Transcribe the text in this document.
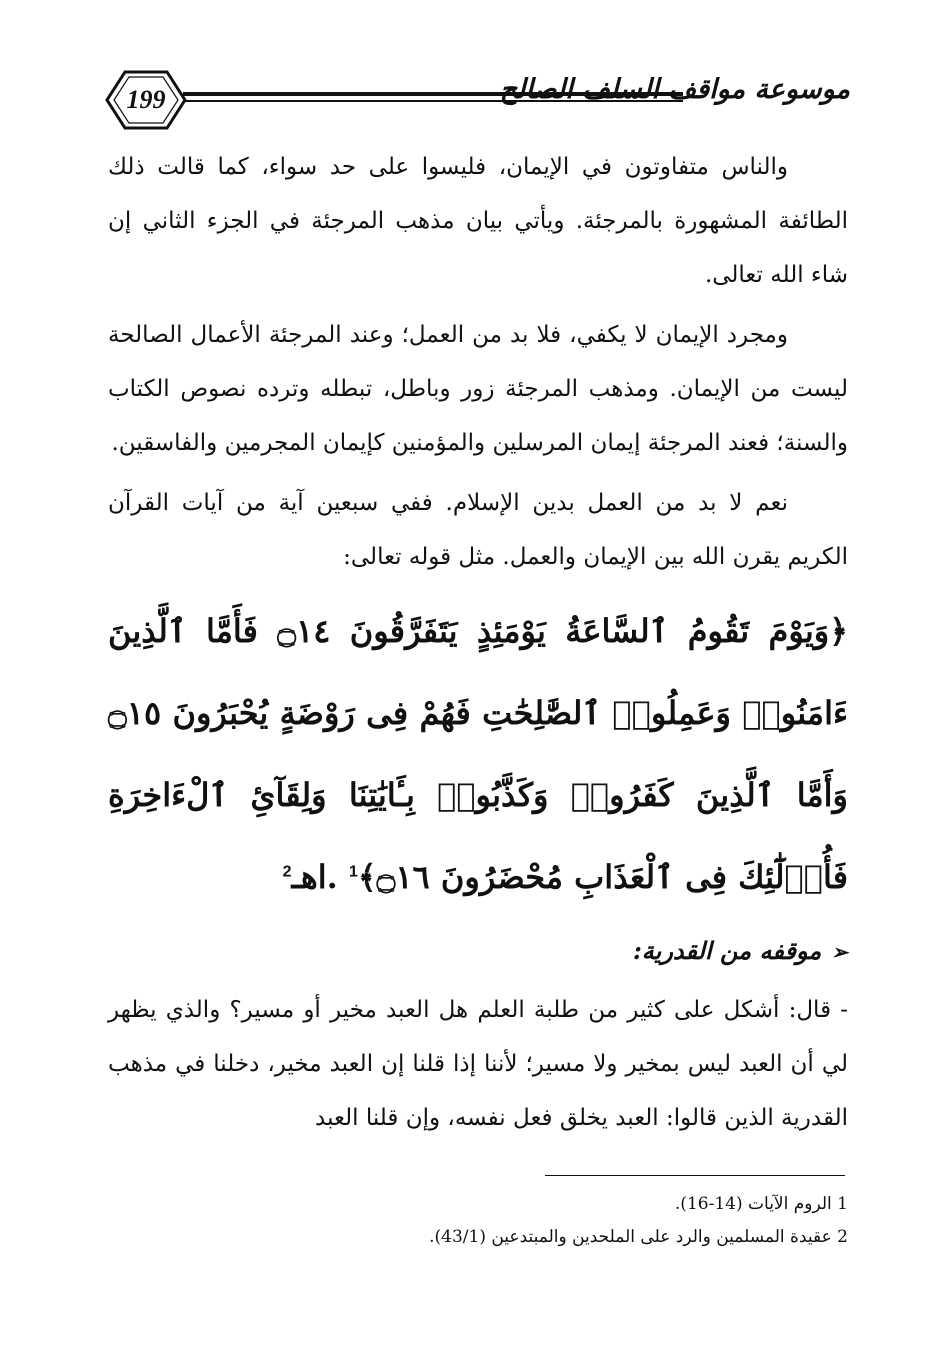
199	موسوعة مواقف السلف الصالح

والناس متفاوتون في الإيمان، فليسوا على حد سواء، كما قالت ذلك الطائفة المشهورة بالمرجئة. ويأتي بيان مذهب المرجئة في الجزء الثاني إن شاء الله تعالى.

ومجرد الإيمان لا يكفي، فلا بد من العمل؛ وعند المرجئة الأعمال الصالحة ليست من الإيمان. ومذهب المرجئة زور وباطل، تبطله وترده نصوص الكتاب والسنة؛ فعند المرجئة إيمان المرسلين والمؤمنين كإيمان المجرمين والفاسقين.

نعم لا بد من العمل بدين الإسلام. ففي سبعين آية من آيات القرآن الكريم يقرن الله بين الإيمان والعمل. مثل قوله تعالى:

﴿وَيَوْمَ تَقُومُ ٱلسَّاعَةُ يَوْمَئِذٍ يَتَفَرَّقُونَ ۝١٤ فَأَمَّا ٱلَّذِينَ ءَامَنُوا۟ وَعَمِلُوا۟ ٱلصَّٰلِحَٰتِ فَهُمْ فِى رَوْضَةٍ يُحْبَرُونَ ۝١٥ وَأَمَّا ٱلَّذِينَ كَفَرُوا۟ وَكَذَّبُوا۟ بِـَٔايَٰتِنَا وَلِقَآئِ ٱلْءَاخِرَةِ فَأُو۟لَٰٓئِكَ فِى ٱلْعَذَابِ مُحْضَرُونَ ۝١٦﴾$^1$ .اهـ$^2$

➢موقفه من القدرية:

- قال: أشكل على كثير من طلبة العلم هل العبد مخير أو مسير؟ والذي يظهر لي أن العبد ليس بمخير ولا مسير؛ لأننا إذا قلنا إن العبد مخير، دخلنا في مذهب القدرية الذين قالوا: العبد يخلق فعل نفسه، وإن قلنا العبد

1 الروم الآيات (14-16).
2 عقيدة المسلمين والرد على الملحدين والمبتدعين (43/1).
